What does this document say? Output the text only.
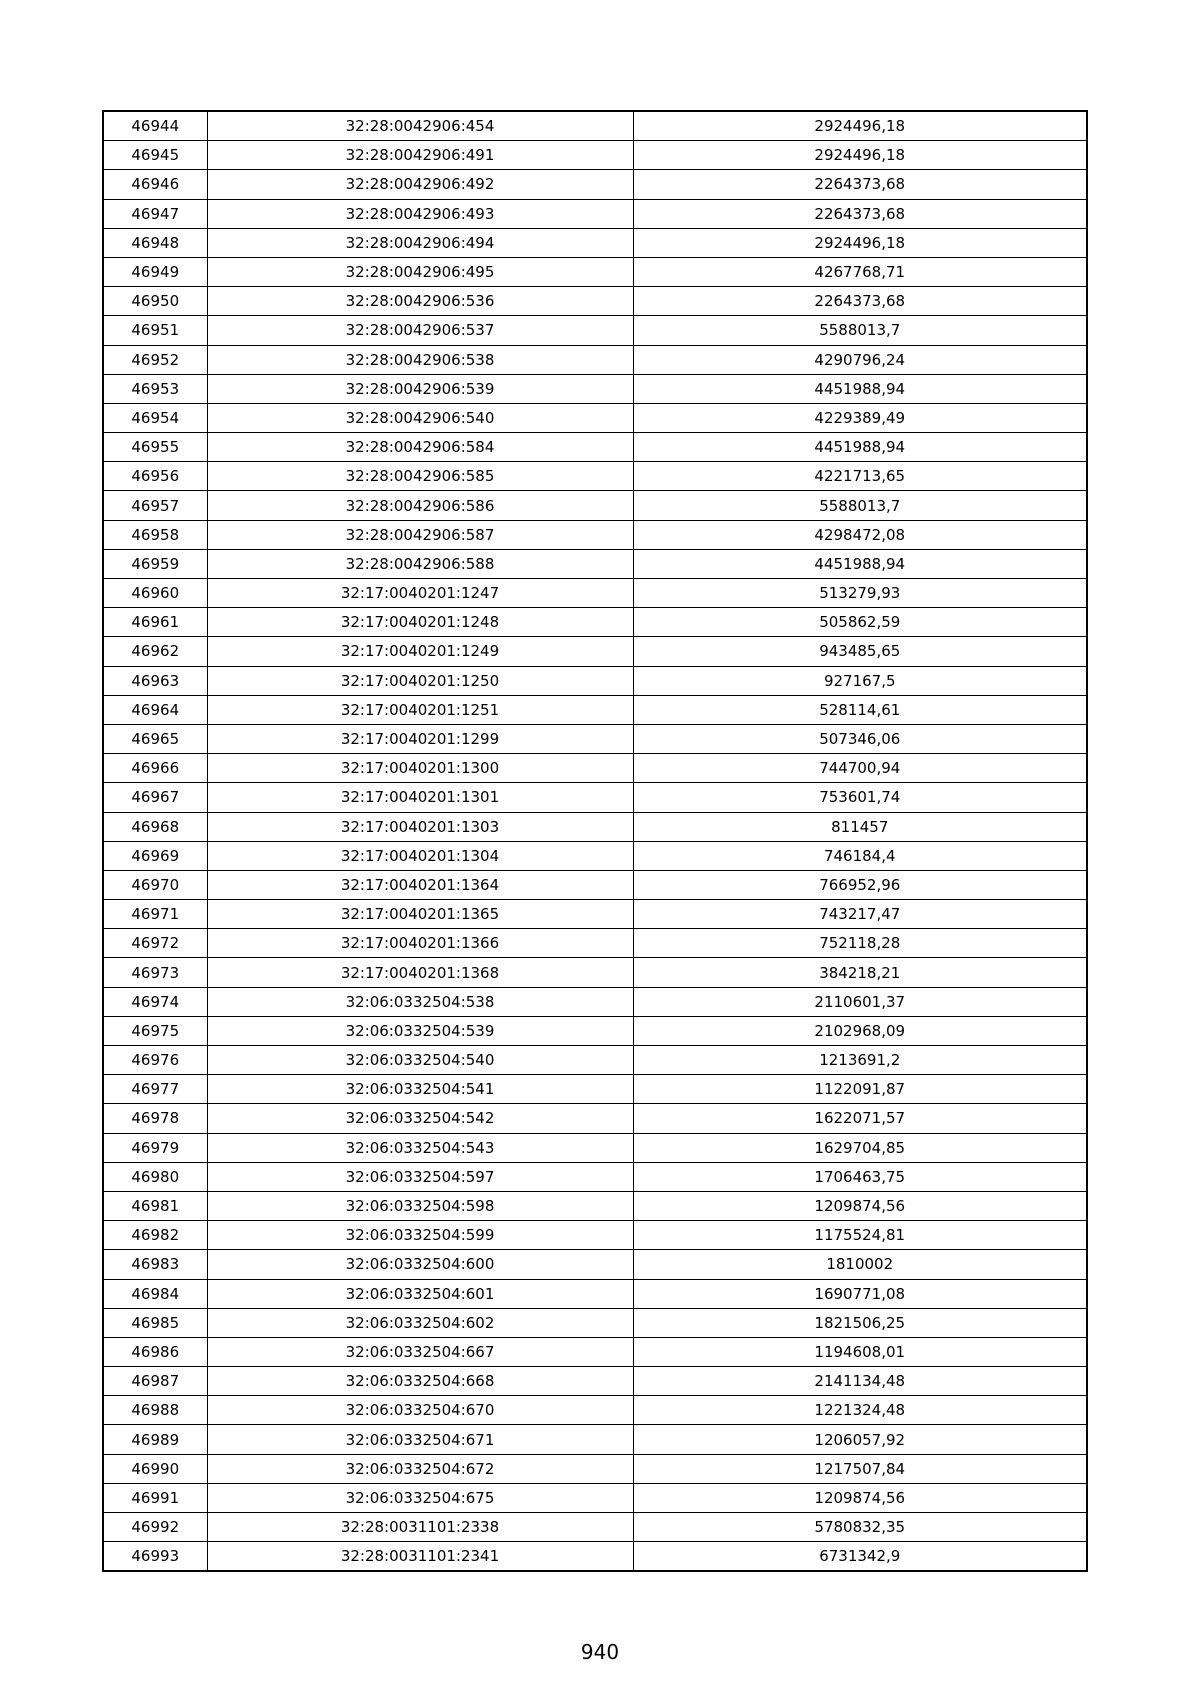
46944	32:28:0042906:454	2924496,18
46945	32:28:0042906:491	2924496,18
46946	32:28:0042906:492	2264373,68
46947	32:28:0042906:493	2264373,68
46948	32:28:0042906:494	2924496,18
46949	32:28:0042906:495	4267768,71
46950	32:28:0042906:536	2264373,68
46951	32:28:0042906:537	5588013,7
46952	32:28:0042906:538	4290796,24
46953	32:28:0042906:539	4451988,94
46954	32:28:0042906:540	4229389,49
46955	32:28:0042906:584	4451988,94
46956	32:28:0042906:585	4221713,65
46957	32:28:0042906:586	5588013,7
46958	32:28:0042906:587	4298472,08
46959	32:28:0042906:588	4451988,94
46960	32:17:0040201:1247	513279,93
46961	32:17:0040201:1248	505862,59
46962	32:17:0040201:1249	943485,65
46963	32:17:0040201:1250	927167,5
46964	32:17:0040201:1251	528114,61
46965	32:17:0040201:1299	507346,06
46966	32:17:0040201:1300	744700,94
46967	32:17:0040201:1301	753601,74
46968	32:17:0040201:1303	811457
46969	32:17:0040201:1304	746184,4
46970	32:17:0040201:1364	766952,96
46971	32:17:0040201:1365	743217,47
46972	32:17:0040201:1366	752118,28
46973	32:17:0040201:1368	384218,21
46974	32:06:0332504:538	2110601,37
46975	32:06:0332504:539	2102968,09
46976	32:06:0332504:540	1213691,2
46977	32:06:0332504:541	1122091,87
46978	32:06:0332504:542	1622071,57
46979	32:06:0332504:543	1629704,85
46980	32:06:0332504:597	1706463,75
46981	32:06:0332504:598	1209874,56
46982	32:06:0332504:599	1175524,81
46983	32:06:0332504:600	1810002
46984	32:06:0332504:601	1690771,08
46985	32:06:0332504:602	1821506,25
46986	32:06:0332504:667	1194608,01
46987	32:06:0332504:668	2141134,48
46988	32:06:0332504:670	1221324,48
46989	32:06:0332504:671	1206057,92
46990	32:06:0332504:672	1217507,84
46991	32:06:0332504:675	1209874,56
46992	32:28:0031101:2338	5780832,35
46993	32:28:0031101:2341	6731342,9
940
